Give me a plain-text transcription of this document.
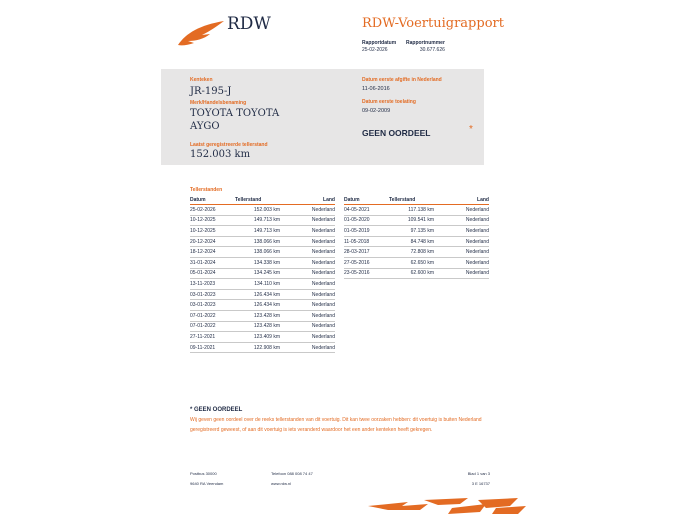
RDW	RDW-Voertuigrapport
Rapportdatum
25-02-2026
Rapportnummer
30.677.626
Kenteken
JR-195-J
Merk/Handelsbenaming
TOYOTA TOYOTA
AYGO
Laatst geregistreerde tellerstand
152.003 km
Datum eerste afgifte in Nederland
11-06-2016
Datum eerste toelating
09-02-2009
GEEN OORDEEL	*
Tellerstanden
Datum	Tellerstand	Land
25-02-2026	152.003 km	Nederland
10-12-2025	149.713 km	Nederland
10-12-2025	149.713 km	Nederland
20-12-2024	138.066 km	Nederland
18-12-2024	138.066 km	Nederland
31-01-2024	134.338 km	Nederland
05-01-2024	134.245 km	Nederland
13-11-2023	134.110 km	Nederland
03-01-2023	126.434 km	Nederland
03-01-2023	126.434 km	Nederland
07-01-2022	123.428 km	Nederland
07-01-2022	123.428 km	Nederland
27-11-2021	123.409 km	Nederland
09-11-2021	122.908 km	Nederland
Datum	Tellerstand	Land
04-05-2021	117.138 km	Nederland
01-05-2020	109.541 km	Nederland
01-05-2019	97.135 km	Nederland
11-05-2018	84.748 km	Nederland
28-03-2017	72.808 km	Nederland
27-05-2016	62.650 km	Nederland
23-05-2016	62.600 km	Nederland
* GEEN OORDEEL
Wij geven geen oordeel over de reeks tellerstanden van dit voertuig. Dit kan twee oorzaken hebben: dit voertuig is buiten Nederland geregistreerd geweest, of aan dit voertuig is iets veranderd waardoor het een ander kenteken heeft gekregen.
Postbus 30000
9640 RA Veendam
Telefoon 088 008 74 47
www.rdw.nl
Blad 1 van 3
3 E 16737
